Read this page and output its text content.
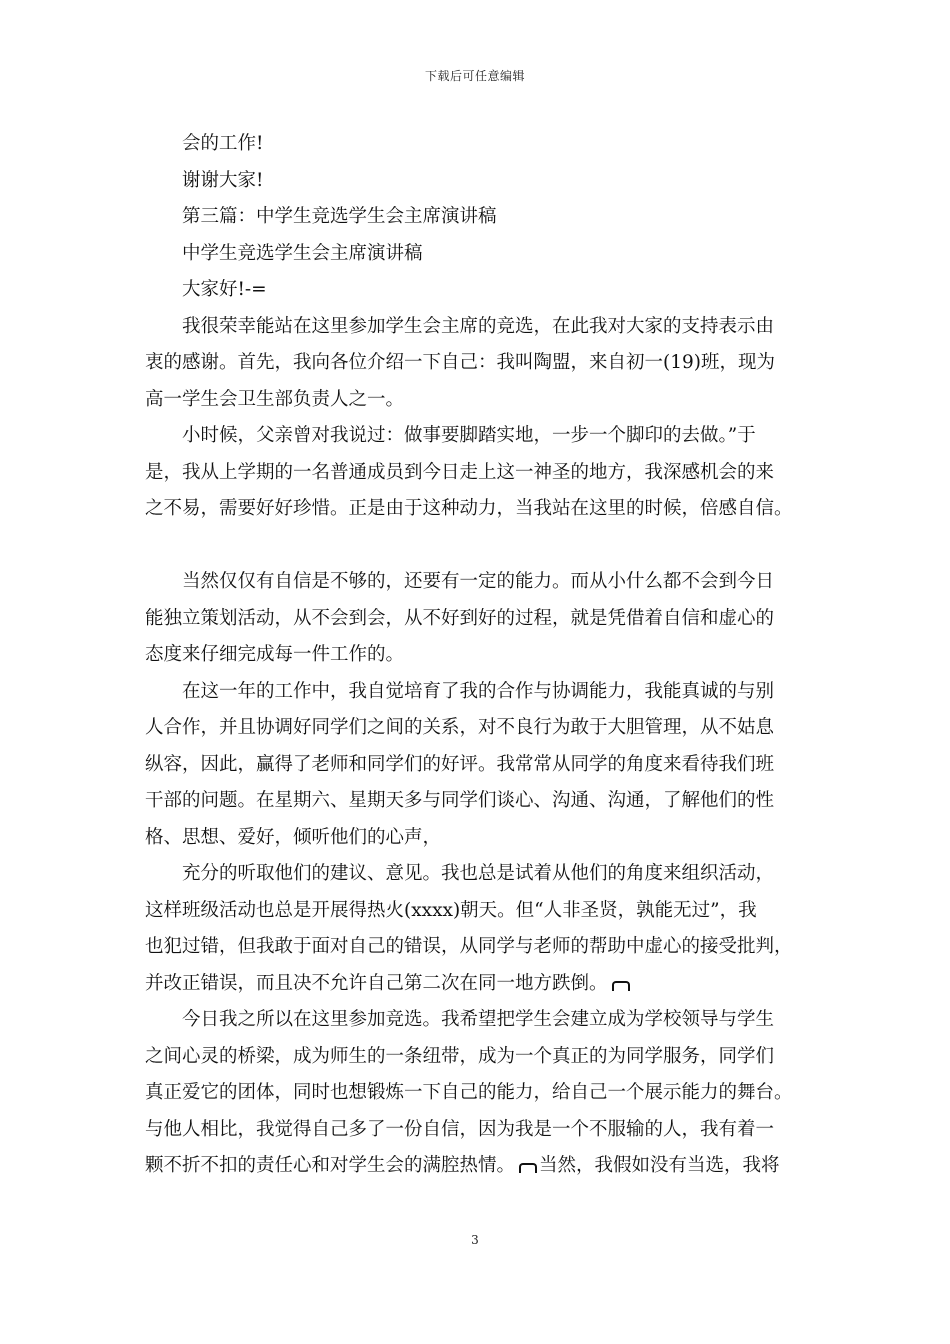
下载后可任意编辑
会的工作!
谢谢大家!
第三篇：中学生竞选学生会主席演讲稿
中学生竞选学生会主席演讲稿
大家好!-=
我很荣幸能站在这里参加学生会主席的竞选，在此我对大家的支持表示由
衷的感谢。首先，我向各位介绍一下自己：我叫陶盟，来自初一(19)班，现为
高一学生会卫生部负责人之一。
小时候，父亲曾对我说过：做事要脚踏实地，一步一个脚印的去做。”于
是，我从上学期的一名普通成员到今日走上这一神圣的地方，我深感机会的来
之不易，需要好好珍惜。正是由于这种动力，当我站在这里的时候，倍感自信。
当然仅仅有自信是不够的，还要有一定的能力。而从小什么都不会到今日
能独立策划活动，从不会到会，从不好到好的过程，就是凭借着自信和虚心的
态度来仔细完成每一件工作的。
在这一年的工作中，我自觉培育了我的合作与协调能力，我能真诚的与别
人合作，并且协调好同学们之间的关系，对不良行为敢于大胆管理，从不姑息
纵容，因此，赢得了老师和同学们的好评。我常常从同学的角度来看待我们班
干部的问题。在星期六、星期天多与同学们谈心、沟通、沟通，了解他们的性
格、思想、爱好，倾听他们的心声，
充分的听取他们的建议、意见。我也总是试着从他们的角度来组织活动，
这样班级活动也总是开展得热火(xxxx)朝天。但“人非圣贤，孰能无过”，我
也犯过错，但我敢于面对自己的错误，从同学与老师的帮助中虚心的接受批判，
并改正错误，而且决不允许自己第二次在同一地方跌倒。
今日我之所以在这里参加竞选。我希望把学生会建立成为学校领导与学生
之间心灵的桥梁，成为师生的一条纽带，成为一个真正的为同学服务，同学们
真正爱它的团体，同时也想锻炼一下自己的能力，给自己一个展示能力的舞台。
与他人相比，我觉得自己多了一份自信，因为我是一个不服输的人，我有着一
颗不折不扣的责任心和对学生会的满腔热情。 当然，我假如没有当选，我将
3
